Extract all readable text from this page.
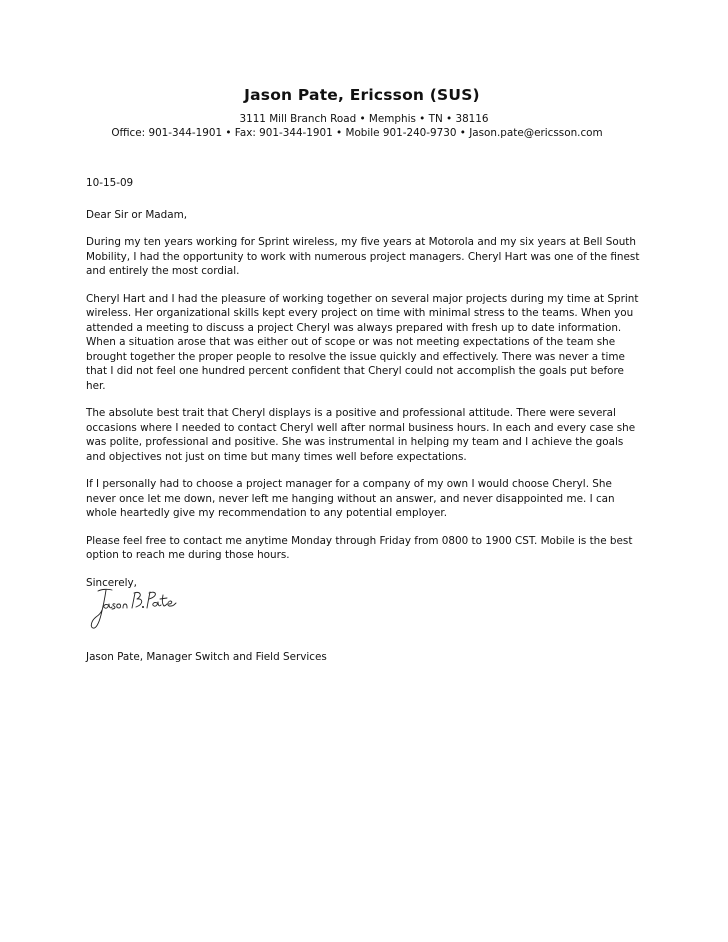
Jason Pate, Ericsson (SUS)
3111 Mill Branch Road • Memphis • TN • 38116
Office: 901-344-1901 • Fax: 901-344-1901 • Mobile 901-240-9730 • Jason.pate@ericsson.com
10-15-09
Dear Sir or Madam,

During my ten years working for Sprint wireless, my five years at Motorola and my six years at Bell South Mobility, I had the opportunity to work with numerous project managers. Cheryl Hart was one of the finest and entirely the most cordial.

Cheryl Hart and I had the pleasure of working together on several major projects during my time at Sprint wireless. Her organizational skills kept every project on time with minimal stress to the teams. When you attended a meeting to discuss a project Cheryl was always prepared with fresh up to date information. When a situation arose that was either out of scope or was not meeting expectations of the team she brought together the proper people to resolve the issue quickly and effectively. There was never a time that I did not feel one hundred percent confident that Cheryl could not accomplish the goals put before her.

The absolute best trait that Cheryl displays is a positive and professional attitude. There were several occasions where I needed to contact Cheryl well after normal business hours. In each and every case she was polite, professional and positive. She was instrumental in helping my team and I achieve the goals and objectives not just on time but many times well before expectations.

If I personally had to choose a project manager for a company of my own I would choose Cheryl. She never once let me down, never left me hanging without an answer, and never disappointed me. I can whole heartedly give my recommendation to any potential employer.

Please feel free to contact me anytime Monday through Friday from 0800 to 1900 CST. Mobile is the best option to reach me during those hours.

Sincerely,
Jason Pate, Manager Switch and Field Services
